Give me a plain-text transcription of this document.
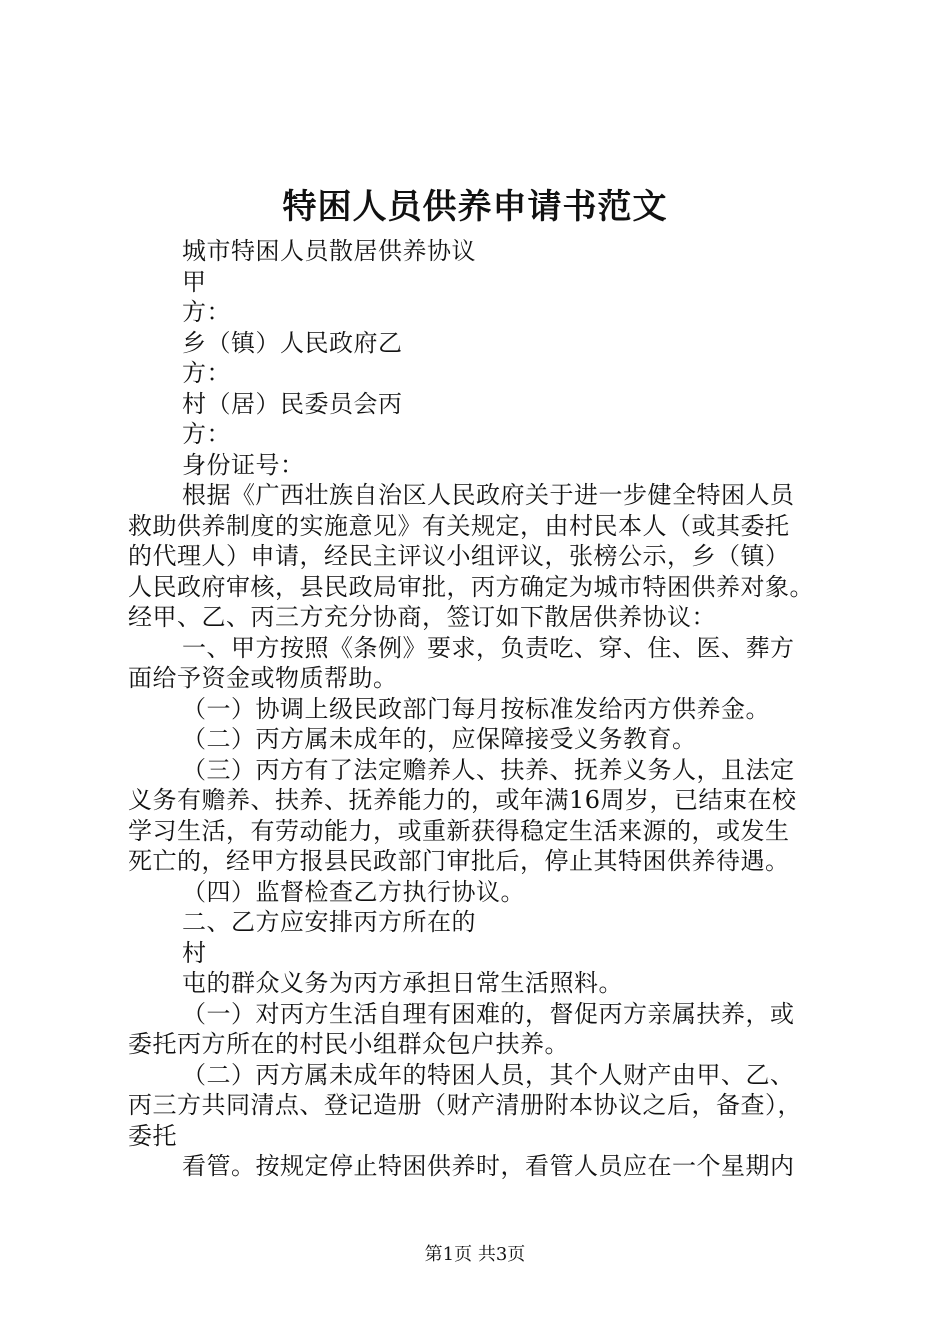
特困人员供养申请书范文
城市特困人员散居供养协议
甲
方：
乡（镇）人民政府乙
方：
村（居）民委员会丙
方：
身份证号：
根据《广西壮族自治区人民政府关于进一步健全特困人员
救助供养制度的实施意见》有关规定，由村民本人（或其委托
的代理人）申请，经民主评议小组评议，张榜公示，乡（镇）
人民政府审核，县民政局审批，丙方确定为城市特困供养对象。
经甲、乙、丙三方充分协商，签订如下散居供养协议：
一、甲方按照《条例》要求，负责吃、穿、住、医、葬方
面给予资金或物质帮助。
（一）协调上级民政部门每月按标准发给丙方供养金。
（二）丙方属未成年的，应保障接受义务教育。
（三）丙方有了法定赡养人、扶养、抚养义务人，且法定
义务有赡养、扶养、抚养能力的，或年满16周岁，已结束在校
学习生活，有劳动能力，或重新获得稳定生活来源的，或发生
死亡的，经甲方报县民政部门审批后，停止其特困供养待遇。
（四）监督检查乙方执行协议。
二、乙方应安排丙方所在的
村
屯的群众义务为丙方承担日常生活照料。
（一）对丙方生活自理有困难的，督促丙方亲属扶养，或
委托丙方所在的村民小组群众包户扶养。
（二）丙方属未成年的特困人员，其个人财产由甲、乙、
丙三方共同清点、登记造册（财产清册附本协议之后，备查），
委托
看管。按规定停止特困供养时，看管人员应在一个星期内
第1页 共3页
